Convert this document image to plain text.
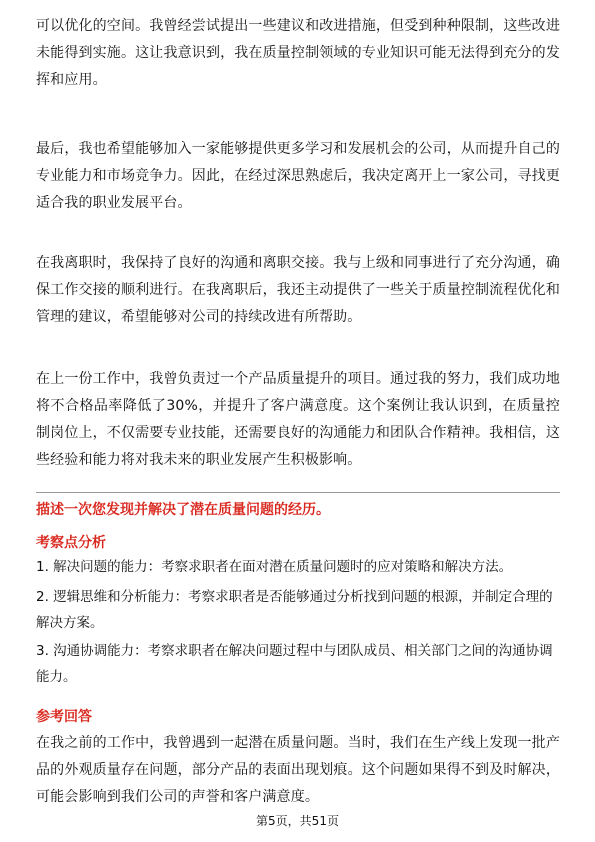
可以优化的空间。我曾经尝试提出一些建议和改进措施，但受到种种限制，这些改进未能得到实施。这让我意识到，我在质量控制领域的专业知识可能无法得到充分的发挥和应用。

最后，我也希望能够加入一家能够提供更多学习和发展机会的公司，从而提升自己的专业能力和市场竞争力。因此，在经过深思熟虑后，我决定离开上一家公司，寻找更适合我的职业发展平台。

在我离职时，我保持了良好的沟通和离职交接。我与上级和同事进行了充分沟通，确保工作交接的顺利进行。在我离职后，我还主动提供了一些关于质量控制流程优化和管理的建议，希望能够对公司的持续改进有所帮助。

在上一份工作中，我曾负责过一个产品质量提升的项目。通过我的努力，我们成功地将不合格品率降低了30%，并提升了客户满意度。这个案例让我认识到，在质量控制岗位上，不仅需要专业技能，还需要良好的沟通能力和团队合作精神。我相信，这些经验和能力将对我未来的职业发展产生积极影响。

描述一次您发现并解决了潜在质量问题的经历。
考察点分析

1. 解决问题的能力：考察求职者在面对潜在质量问题时的应对策略和解决方法。

2. 逻辑思维和分析能力：考察求职者是否能够通过分析找到问题的根源，并制定合理的解决方案。

3. 沟通协调能力：考察求职者在解决问题过程中与团队成员、相关部门之间的沟通协调能力。

参考回答

在我之前的工作中，我曾遇到一起潜在质量问题。当时，我们在生产线上发现一批产品的外观质量存在问题，部分产品的表面出现划痕。这个问题如果得不到及时解决，可能会影响到我们公司的声誉和客户满意度。

第5页，共51页
